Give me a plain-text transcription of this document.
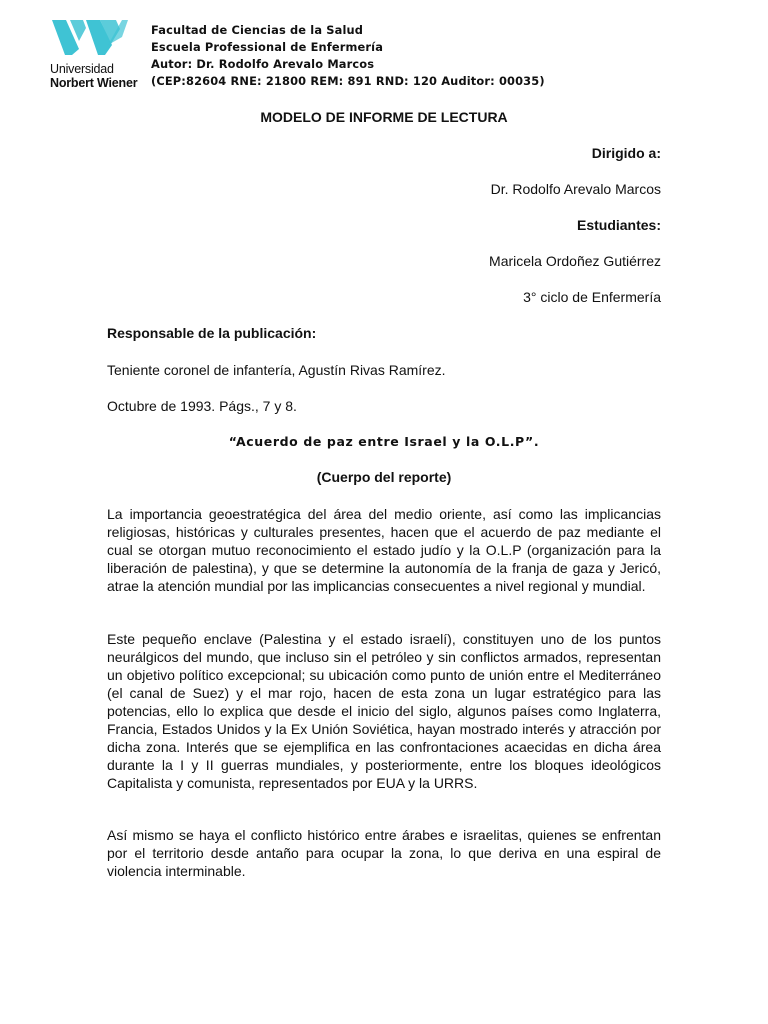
Universidad
Norbert Wiener
Facultad de Ciencias de la Salud
Escuela Professional de Enfermería
Autor: Dr. Rodolfo Arevalo Marcos
(CEP:82604 RNE: 21800 REM: 891 RND: 120 Auditor: 00035)
MODELO DE INFORME DE LECTURA
Dirigido a:
Dr. Rodolfo Arevalo Marcos
Estudiantes:
Maricela Ordoñez Gutiérrez
3° ciclo de Enfermería
Responsable de la publicación:
Teniente coronel de infantería, Agustín Rivas Ramírez.
Octubre de 1993. Págs., 7 y 8.
“Acuerdo de paz entre Israel y la O.L.P”.
(Cuerpo del reporte)
La importancia geoestratégica del área del medio oriente, así como las implicancias religiosas, históricas y culturales presentes, hacen que el acuerdo de paz mediante el cual se otorgan mutuo reconocimiento el estado judío y la O.L.P (organización para la liberación de palestina), y que se determine la autonomía de la franja de gaza y Jericó, atrae la atención mundial por las implicancias consecuentes a nivel regional y mundial.
Este pequeño enclave (Palestina y el estado israelí), constituyen uno de los puntos neurálgicos del mundo, que incluso sin el petróleo y sin conflictos armados, representan un objetivo político excepcional; su ubicación como punto de unión entre el Mediterráneo (el canal de Suez) y el mar rojo, hacen de esta zona un lugar estratégico para las potencias, ello lo explica que desde el inicio del siglo, algunos países como Inglaterra, Francia, Estados Unidos y la Ex Unión Soviética, hayan mostrado interés y atracción por dicha zona. Interés que se ejemplifica en las confrontaciones acaecidas en dicha área durante la I y II guerras mundiales, y posteriormente, entre los bloques ideológicos Capitalista y comunista, representados por EUA y la URRS.
Así mismo se haya el conflicto histórico entre árabes e israelitas, quienes se enfrentan por el territorio desde antaño para ocupar la zona, lo que deriva en una espiral de violencia interminable.
